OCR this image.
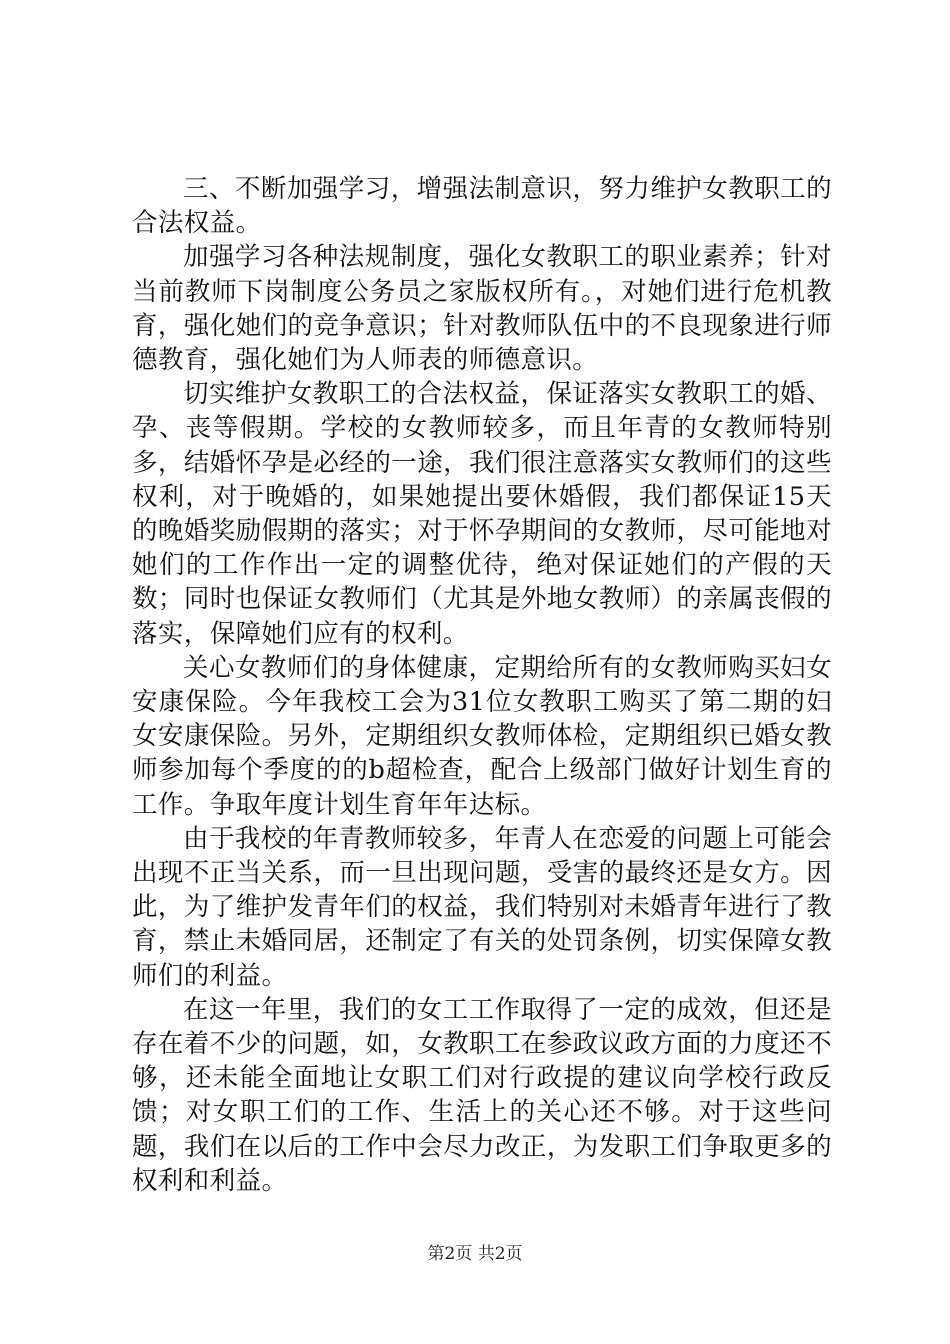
三、不断加强学习，增强法制意识，努力维护女教职工的合法权益。

加强学习各种法规制度，强化女教职工的职业素养；针对当前教师下岗制度公务员之家版权所有。，对她们进行危机教育，强化她们的竞争意识；针对教师队伍中的不良现象进行师德教育，强化她们为人师表的师德意识。

切实维护女教职工的合法权益，保证落实女教职工的婚、孕、丧等假期。学校的女教师较多，而且年青的女教师特别多，结婚怀孕是必经的一途，我们很注意落实女教师们的这些权利，对于晚婚的，如果她提出要休婚假，我们都保证15天的晚婚奖励假期的落实；对于怀孕期间的女教师，尽可能地对她们的工作作出一定的调整优待，绝对保证她们的产假的天数；同时也保证女教师们（尤其是外地女教师）的亲属丧假的落实，保障她们应有的权利。

关心女教师们的身体健康，定期给所有的女教师购买妇女安康保险。今年我校工会为31位女教职工购买了第二期的妇女安康保险。另外，定期组织女教师体检，定期组织已婚女教师参加每个季度的的b超检查，配合上级部门做好计划生育的工作。争取年度计划生育年年达标。

由于我校的年青教师较多，年青人在恋爱的问题上可能会出现不正当关系，而一旦出现问题，受害的最终还是女方。因此，为了维护发青年们的权益，我们特别对未婚青年进行了教育，禁止未婚同居，还制定了有关的处罚条例，切实保障女教师们的利益。

在这一年里，我们的女工工作取得了一定的成效，但还是存在着不少的问题，如，女教职工在参政议政方面的力度还不够，还未能全面地让女职工们对行政提的建议向学校行政反馈；对女职工们的工作、生活上的关心还不够。对于这些问题，我们在以后的工作中会尽力改正，为发职工们争取更多的权利和利益。

第2页 共2页
